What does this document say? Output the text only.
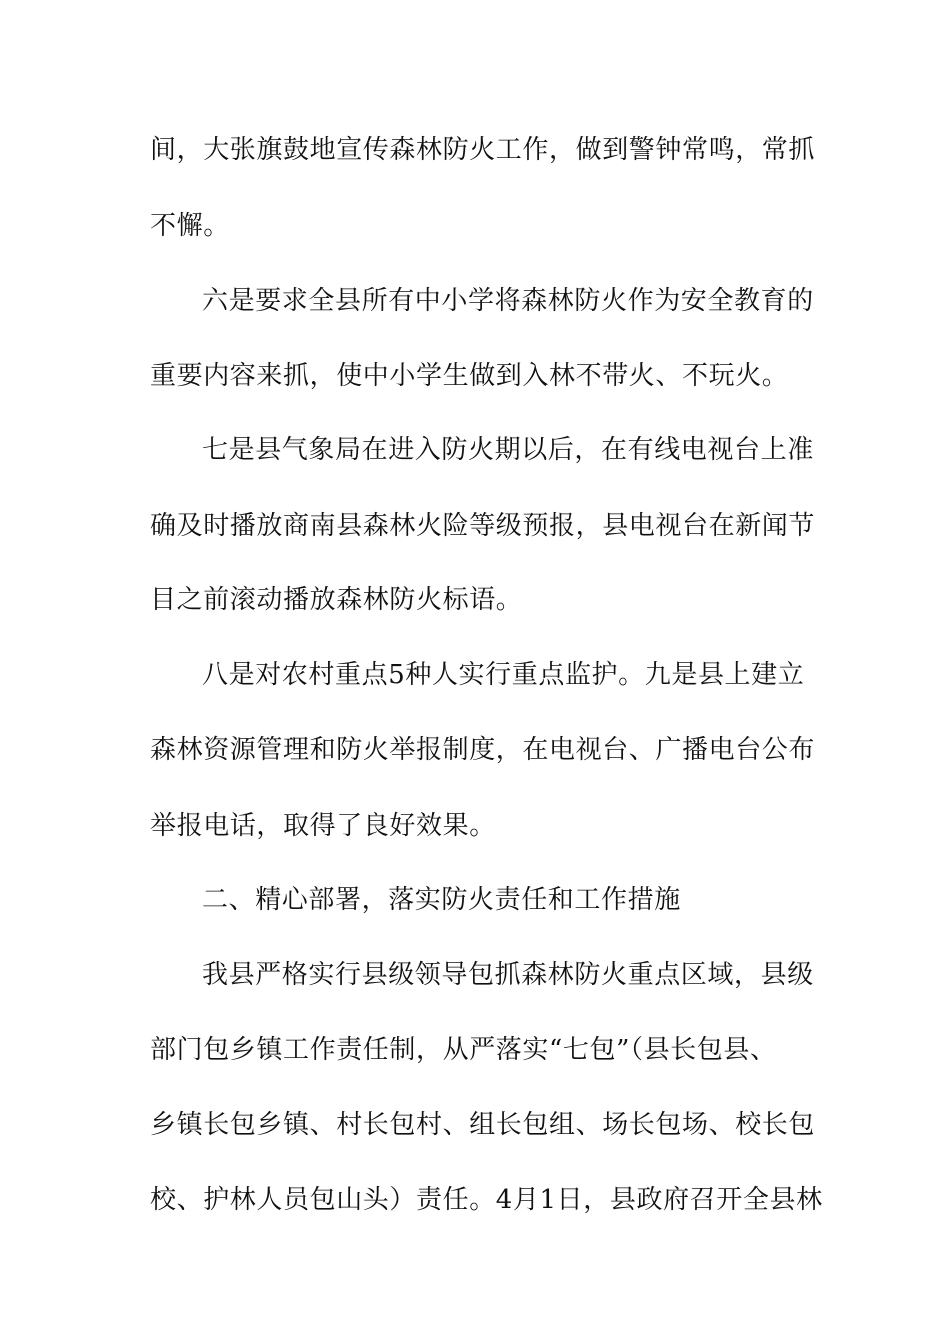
间，大张旗鼓地宣传森林防火工作，做到警钟常鸣，常抓
不懈。
六是要求全县所有中小学将森林防火作为安全教育的
重要内容来抓，使中小学生做到入林不带火、不玩火。
七是县气象局在进入防火期以后，在有线电视台上准
确及时播放商南县森林火险等级预报，县电视台在新闻节
目之前滚动播放森林防火标语。
八是对农村重点5种人实行重点监护。九是县上建立
森林资源管理和防火举报制度，在电视台、广播电台公布
举报电话，取得了良好效果。
二、精心部署，落实防火责任和工作措施
我县严格实行县级领导包抓森林防火重点区域，县级
部门包乡镇工作责任制，从严落实“七包”（县长包县、
乡镇长包乡镇、村长包村、组长包组、场长包场、校长包
校、护林人员包山头）责任。4月1日，县政府召开全县林
